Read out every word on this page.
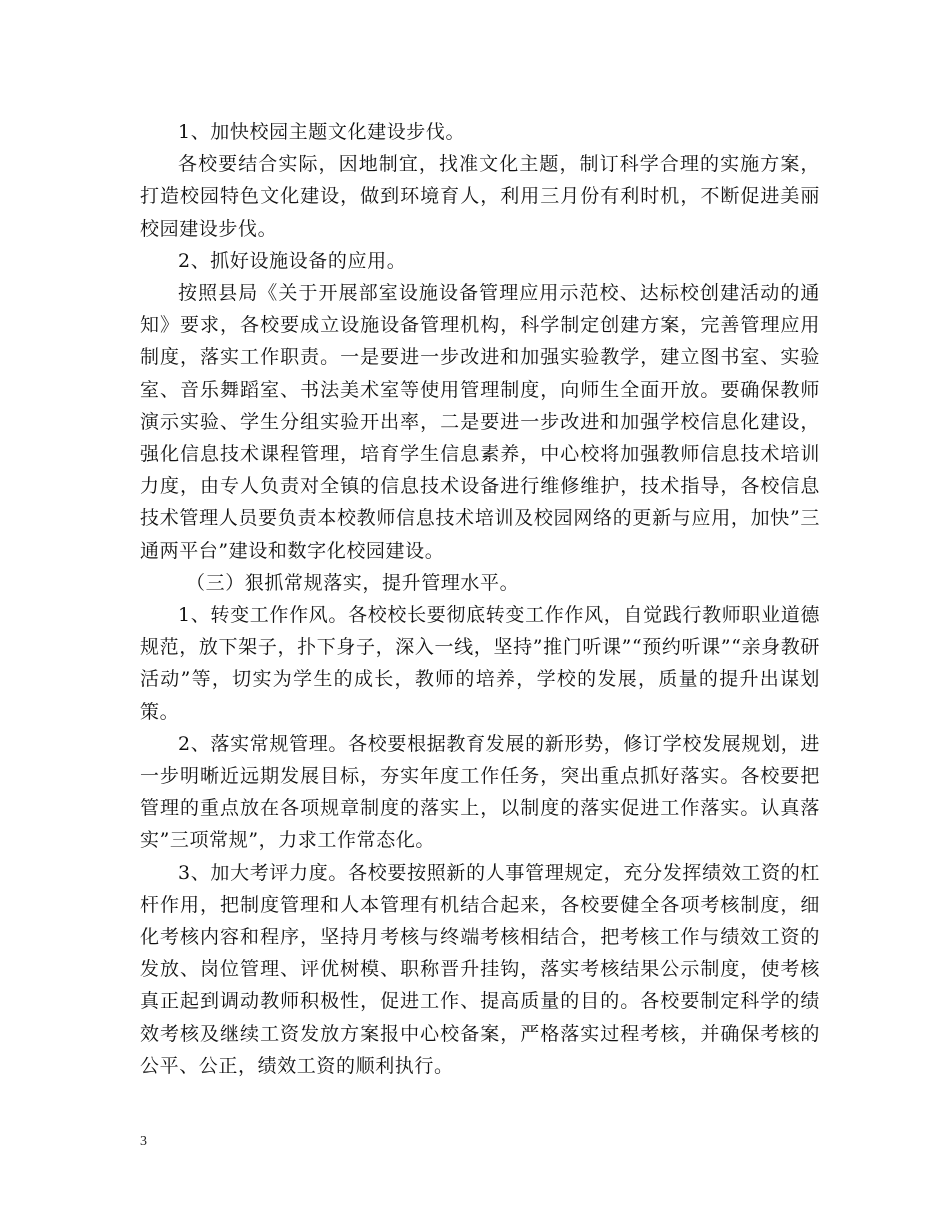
1、加快校园主题文化建设步伐。

各校要结合实际，因地制宜，找准文化主题，制订科学合理的实施方案，打造校园特色文化建设，做到环境育人，利用三月份有利时机，不断促进美丽校园建设步伐。

2、抓好设施设备的应用。

按照县局《关于开展部室设施设备管理应用示范校、达标校创建活动的通知》要求，各校要成立设施设备管理机构，科学制定创建方案，完善管理应用制度，落实工作职责。一是要进一步改进和加强实验教学，建立图书室、实验室、音乐舞蹈室、书法美术室等使用管理制度，向师生全面开放。要确保教师演示实验、学生分组实验开出率，二是要进一步改进和加强学校信息化建设，强化信息技术课程管理，培育学生信息素养，中心校将加强教师信息技术培训力度，由专人负责对全镇的信息技术设备进行维修维护，技术指导，各校信息技术管理人员要负责本校教师信息技术培训及校园网络的更新与应用，加快”三通两平台”建设和数字化校园建设。

（三）狠抓常规落实，提升管理水平。

1、转变工作作风。各校校长要彻底转变工作作风，自觉践行教师职业道德规范，放下架子，扑下身子，深入一线，坚持”推门听课”“预约听课”“亲身教研活动”等，切实为学生的成长，教师的培养，学校的发展，质量的提升出谋划策。

2、落实常规管理。各校要根据教育发展的新形势，修订学校发展规划，进一步明晰近远期发展目标，夯实年度工作任务，突出重点抓好落实。各校要把管理的重点放在各项规章制度的落实上，以制度的落实促进工作落实。认真落实”三项常规”，力求工作常态化。

3、加大考评力度。各校要按照新的人事管理规定，充分发挥绩效工资的杠杆作用，把制度管理和人本管理有机结合起来，各校要健全各项考核制度，细化考核内容和程序，坚持月考核与终端考核相结合，把考核工作与绩效工资的发放、岗位管理、评优树模、职称晋升挂钩，落实考核结果公示制度，使考核真正起到调动教师积极性，促进工作、提高质量的目的。各校要制定科学的绩效考核及继续工资发放方案报中心校备案，严格落实过程考核，并确保考核的公平、公正，绩效工资的顺利执行。

3
